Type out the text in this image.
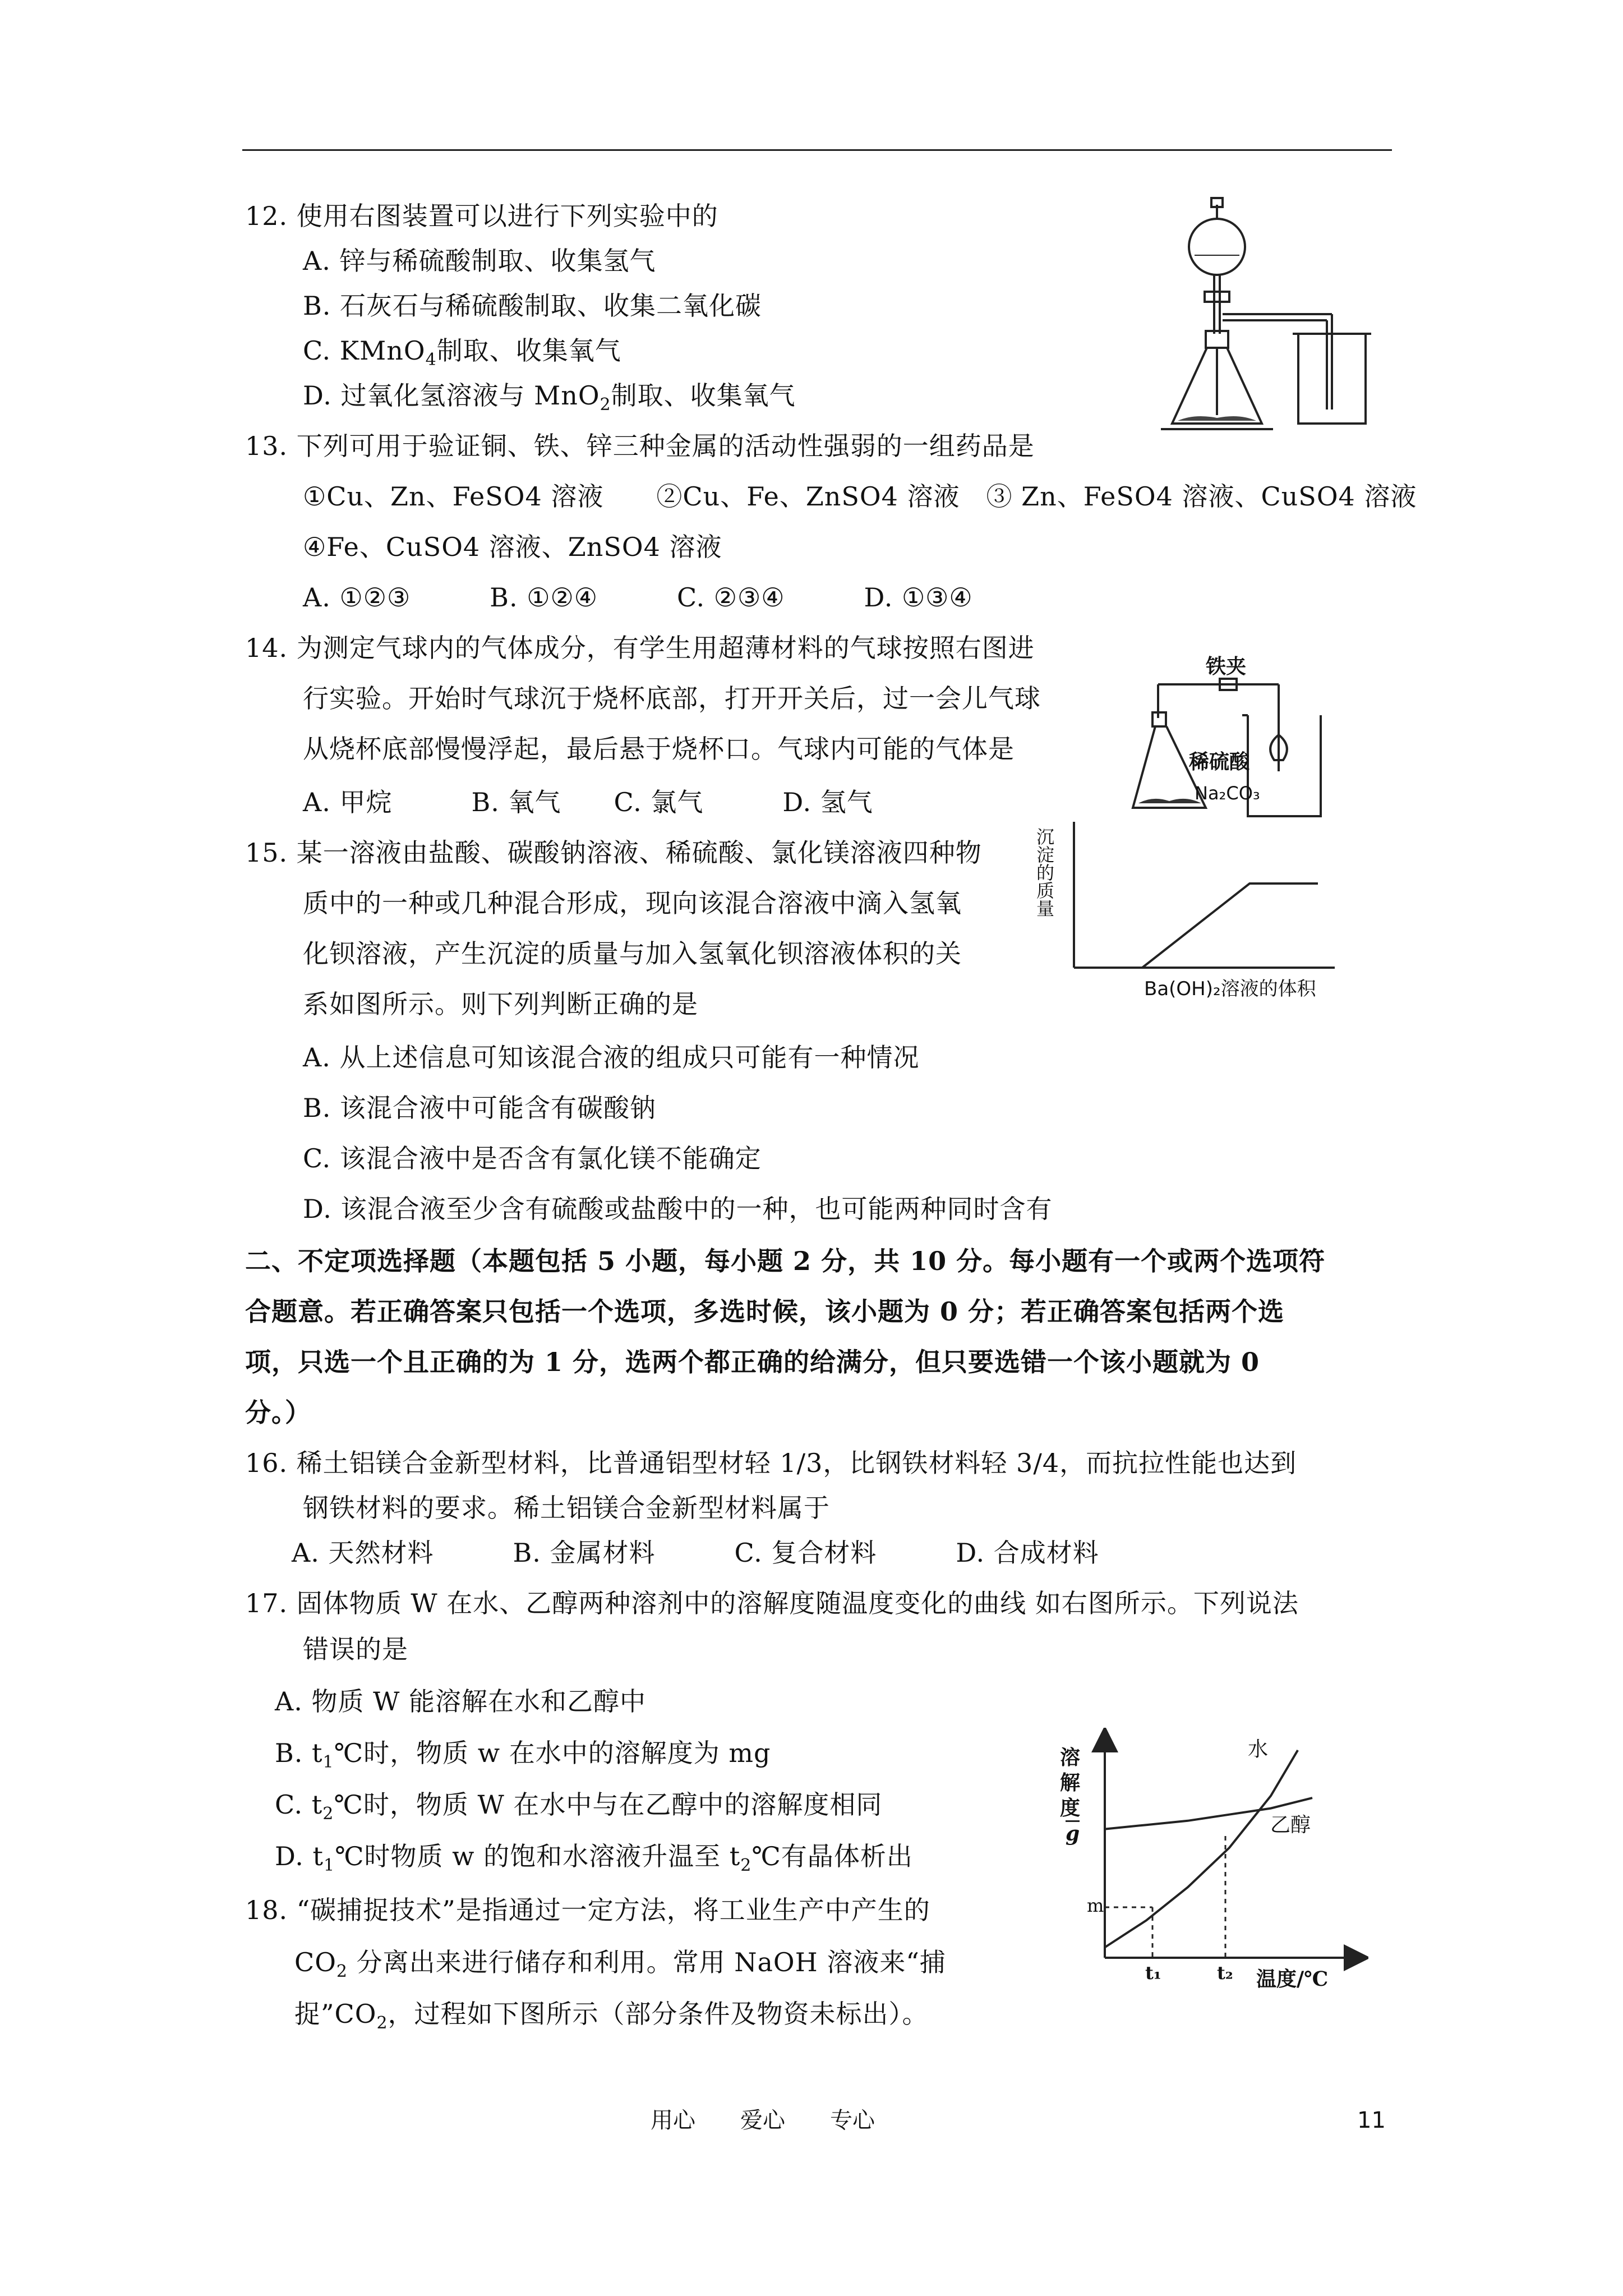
12. 使用右图装置可以进行下列实验中的
A. 锌与稀硫酸制取、收集氢气
B. 石灰石与稀硫酸制取、收集二氧化碳
C. KMnO$_4$制取、收集氧气
D. 过氧化氢溶液与 MnO$_2$制取、收集氧气
13. 下列可用于验证铜、铁、锌三种金属的活动性强弱的一组药品是
①Cu、Zn、FeSO4 溶液　　②Cu、Fe、ZnSO4 溶液　③ Zn、FeSO4 溶液、CuSO4 溶液
④Fe、CuSO4 溶液、ZnSO4 溶液
A. ①②③　　　B. ①②④　　　C. ②③④　　　D. ①③④
14. 为测定气球内的气体成分，有学生用超薄材料的气球按照右图进
行实验。开始时气球沉于烧杯底部，打开开关后，过一会儿气球
从烧杯底部慢慢浮起，最后悬于烧杯口。气球内可能的气体是
A. 甲烷　　　B. 氧气　　C. 氯气　　　D. 氢气
铁夹
稀硫酸
Na₂CO₃
15. 某一溶液由盐酸、碳酸钠溶液、稀硫酸、氯化镁溶液四种物
质中的一种或几种混合形成，现向该混合溶液中滴入氢氧
化钡溶液，产生沉淀的质量与加入氢氧化钡溶液体积的关
系如图所示。则下列判断正确的是
沉淀的质量
Ba(OH)₂溶液的体积
A. 从上述信息可知该混合液的组成只可能有一种情况
B. 该混合液中可能含有碳酸钠
C. 该混合液中是否含有氯化镁不能确定
D. 该混合液至少含有硫酸或盐酸中的一种，也可能两种同时含有
二、不定项选择题（本题包括 5 小题，每小题 2 分，共 10 分。每小题有一个或两个选项符
合题意。若正确答案只包括一个选项，多选时候，该小题为 0 分；若正确答案包括两个选
项，只选一个且正确的为 1 分，选两个都正确的给满分，但只要选错一个该小题就为 0
分。）
16. 稀土铝镁合金新型材料，比普通铝型材轻 1/3，比钢铁材料轻 3/4，而抗拉性能也达到
钢铁材料的要求。稀土铝镁合金新型材料属于
A. 天然材料　　　B. 金属材料　　　C. 复合材料　　　D. 合成材料
17. 固体物质 W 在水、乙醇两种溶剂中的溶解度随温度变化的曲线 如右图所示。下列说法
错误的是
A. 物质 W 能溶解在水和乙醇中
B. $t_1℃$时，物质 w 在水中的溶解度为 mg
C. $t_2℃$时，物质 W 在水中与在乙醇中的溶解度相同
D. $t_1℃$时物质 w 的饱和水溶液升温至 $t_2℃$有晶体析出
溶
解
度
g
水
乙醇
m
t₁	t₂ 温度/℃
18. “碳捕捉技术”是指通过一定方法，将工业生产中产生的
$CO_2$ 分离出来进行储存和利用。常用 NaOH 溶液来“捕
捉$”CO_2$，过程如下图所示（部分条件及物资未标出）。
用心　　爱心　　专心	11
